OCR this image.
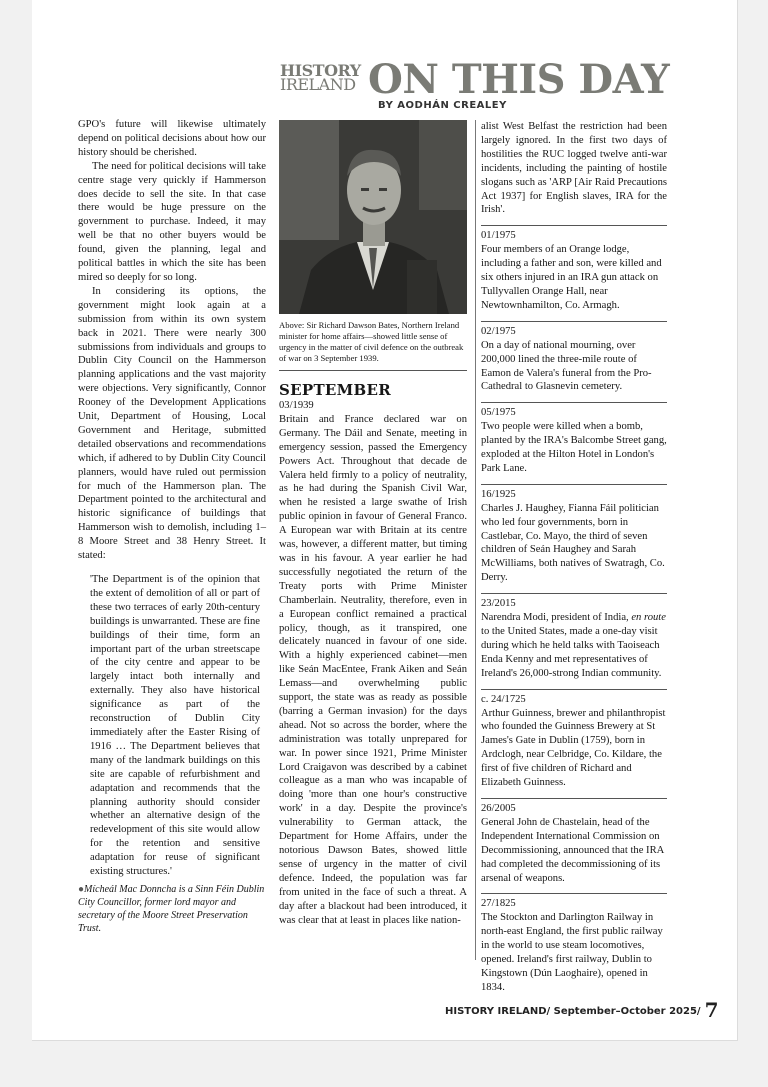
HISTORY
IRELAND ON THIS DAY
BY AODHÁN CREALEY

GPO's future will likewise ultimately depend on political decisions about how our history should be cherished.

The need for political decisions will take centre stage very quickly if Hammerson does decide to sell the site. In that case there would be huge pressure on the government to purchase. Indeed, it may well be that no other buyers would be found, given the planning, legal and political battles in which the site has been mired so deeply for so long.

In considering its options, the government might look again at a submission from within its own system back in 2021. There were nearly 300 submissions from individuals and groups to Dublin City Council on the Hammerson planning applications and the vast majority were objections. Very significantly, Connor Rooney of the Development Applications Unit, Department of Housing, Local Government and Heritage, submitted detailed observations and recommendations which, if adhered to by Dublin City Council planners, would have ruled out permission for much of the Hammerson plan. The Department pointed to the architectural and historic significance of buildings that Hammerson wish to demolish, including 1–8 Moore Street and 38 Henry Street. It stated:

'The Department is of the opinion that the extent of demolition of all or part of these two terraces of early 20th-century buildings is unwarranted. These are fine buildings of their time, form an important part of the urban streetscape of the city centre and appear to be largely intact both internally and externally. They also have historical significance as part of the reconstruction of Dublin City immediately after the Easter Rising of 1916 … The Department believes that many of the landmark buildings on this site are capable of refurbishment and adaptation and recommends that the planning authority should consider whether an alternative design of the redevelopment of this site would allow for the retention and sensitive adaptation for reuse of significant existing structures.'

●Mícheál Mac Donncha is a Sinn Féin Dublin City Councillor, former lord mayor and secretary of the Moore Street Preservation Trust.

Above: Sir Richard Dawson Bates, Northern Ireland minister for home affairs—showed little sense of urgency in the matter of civil defence on the outbreak of war on 3 September 1939.

SEPTEMBER

03/1939

Britain and France declared war on Germany. The Dáil and Senate, meeting in emergency session, passed the Emergency Powers Act. Throughout that decade de Valera held firmly to a policy of neutrality, as he had during the Spanish Civil War, when he resisted a large swathe of Irish public opinion in favour of General Franco. A European war with Britain at its centre was, however, a different matter, but timing was in his favour. A year earlier he had successfully negotiated the return of the Treaty ports with Prime Minister Chamberlain. Neutrality, therefore, even in a European conflict remained a practical policy, though, as it transpired, one delicately nuanced in favour of one side. With a highly experienced cabinet—men like Seán MacEntee, Frank Aiken and Seán Lemass—and overwhelming public support, the state was as ready as possible (barring a German invasion) for the days ahead. Not so across the border, where the administration was totally unprepared for war. In power since 1921, Prime Minister Lord Craigavon was described by a cabinet colleague as a man who was incapable of doing 'more than one hour's constructive work' in a day. Despite the province's vulnerability to German attack, the Department for Home Affairs, under the notorious Dawson Bates, showed little sense of urgency in the matter of civil defence. Indeed, the population was far from united in the face of such a threat. A day after a blackout had been introduced, it was clear that at least in places like nation-

alist West Belfast the restriction had been largely ignored. In the first two days of hostilities the RUC logged twelve anti-war incidents, including the painting of hostile slogans such as 'ARP [Air Raid Precautions Act 1937] for English slaves, IRA for the Irish'.

01/1975

Four members of an Orange lodge, including a father and son, were killed and six others injured in an IRA gun attack on Tullyvallen Orange Hall, near Newtownhamilton, Co. Armagh.

02/1975

On a day of national mourning, over 200,000 lined the three-mile route of Eamon de Valera's funeral from the Pro-Cathedral to Glasnevin cemetery.

05/1975

Two people were killed when a bomb, planted by the IRA's Balcombe Street gang, exploded at the Hilton Hotel in London's Park Lane.

16/1925

Charles J. Haughey, Fianna Fáil politician who led four governments, born in Castlebar, Co. Mayo, the third of seven children of Seán Haughey and Sarah McWilliams, both natives of Swatragh, Co. Derry.

23/2015

Narendra Modi, president of India, en route to the United States, made a one-day visit during which he held talks with Taoiseach Enda Kenny and met representatives of Ireland's 26,000-strong Indian community.

c. 24/1725

Arthur Guinness, brewer and philanthropist who founded the Guinness Brewery at St James's Gate in Dublin (1759), born in Ardclogh, near Celbridge, Co. Kildare, the first of five children of Richard and Elizabeth Guinness.

26/2005

General John de Chastelain, head of the Independent International Commission on Decommissioning, announced that the IRA had completed the decommissioning of its arsenal of weapons.

27/1825

The Stockton and Darlington Railway in north-east England, the first public railway in the world to use steam locomotives, opened. Ireland's first railway, Dublin to Kingstown (Dún Laoghaire), opened in 1834.

HISTORY IRELAND/ September–October 2025/ 7
